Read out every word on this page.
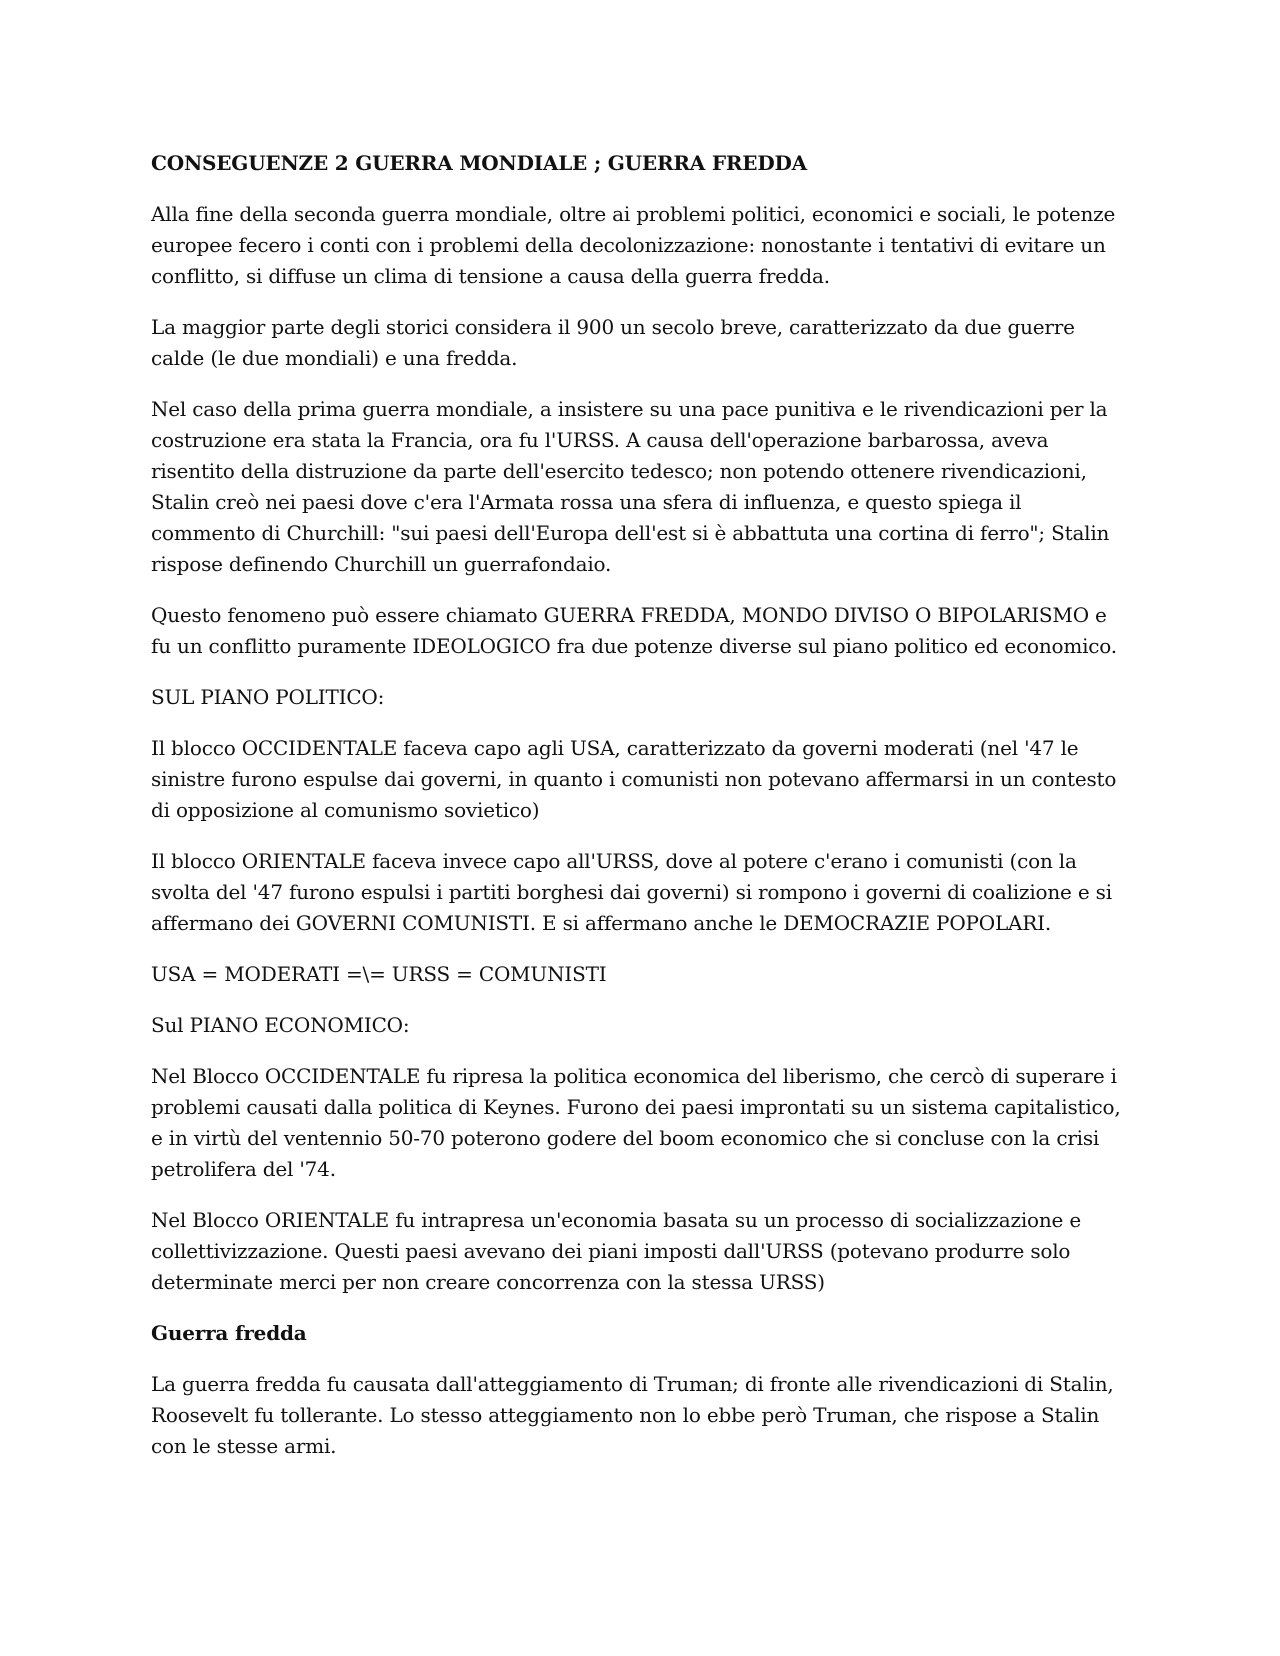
CONSEGUENZE 2 GUERRA MONDIALE ; GUERRA FREDDA

Alla fine della seconda guerra mondiale, oltre ai problemi politici, economici e sociali, le potenze europee fecero i conti con i problemi della decolonizzazione: nonostante i tentativi di evitare un conflitto, si diffuse un clima di tensione a causa della guerra fredda.

La maggior parte degli storici considera il 900 un secolo breve, caratterizzato da due guerre calde (le due mondiali) e una fredda.

Nel caso della prima guerra mondiale, a insistere su una pace punitiva e le rivendicazioni per la costruzione era stata la Francia, ora fu l'URSS. A causa dell'operazione barbarossa, aveva risentito della distruzione da parte dell'esercito tedesco; non potendo ottenere rivendicazioni, Stalin creò nei paesi dove c'era l'Armata rossa una sfera di influenza, e questo spiega il commento di Churchill: "sui paesi dell'Europa dell'est si è abbattuta una cortina di ferro"; Stalin rispose definendo Churchill un guerrafondaio.

Questo fenomeno può essere chiamato GUERRA FREDDA, MONDO DIVISO O BIPOLARISMO e fu un conflitto puramente IDEOLOGICO fra due potenze diverse sul piano politico ed economico.

SUL PIANO POLITICO:

Il blocco OCCIDENTALE faceva capo agli USA, caratterizzato da governi moderati (nel '47 le sinistre furono espulse dai governi, in quanto i comunisti non potevano affermarsi in un contesto di opposizione al comunismo sovietico)

Il blocco ORIENTALE faceva invece capo all'URSS, dove al potere c'erano i comunisti (con la svolta del '47 furono espulsi i partiti borghesi dai governi) si rompono i governi di coalizione e si affermano dei GOVERNI COMUNISTI. E si affermano anche le DEMOCRAZIE POPOLARI.

USA = MODERATI =\= URSS = COMUNISTI

Sul PIANO ECONOMICO:

Nel Blocco OCCIDENTALE fu ripresa la politica economica del liberismo, che cercò di superare i problemi causati dalla politica di Keynes. Furono dei paesi improntati su un sistema capitalistico, e in virtù del ventennio 50-70 poterono godere del boom economico che si concluse con la crisi petrolifera del '74.

Nel Blocco ORIENTALE fu intrapresa un'economia basata su un processo di socializzazione e collettivizzazione. Questi paesi avevano dei piani imposti dall'URSS (potevano produrre solo determinate merci per non creare concorrenza con la stessa URSS)

Guerra fredda

La guerra fredda fu causata dall'atteggiamento di Truman; di fronte alle rivendicazioni di Stalin, Roosevelt fu tollerante. Lo stesso atteggiamento non lo ebbe però Truman, che rispose a Stalin con le stesse armi.
